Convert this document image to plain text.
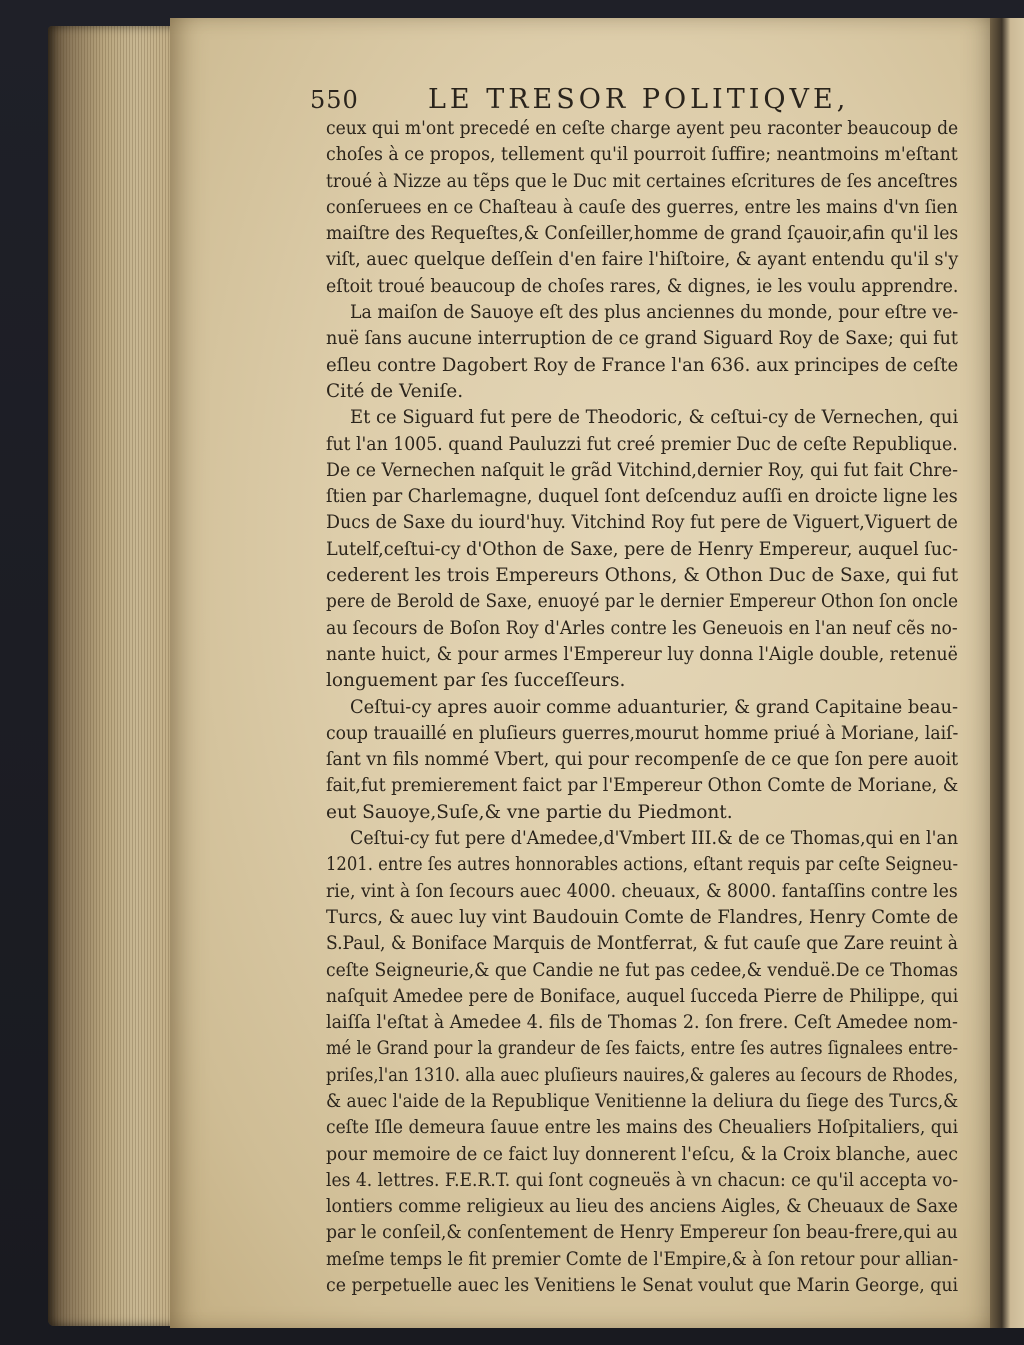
550	LE TRESOR POLITIQVE,
ceux qui m'ont precedé en ceſte charge ayent peu raconter beaucoup de
choſes à ce propos, tellement qu'il pourroit ſuffire; neantmoins m'eſtant
troué à Nizze au tẽps que le Duc mit certaines eſcritures de ſes anceſtres
conſeruees en ce Chaſteau à cauſe des guerres, entre les mains d'vn ſien
maiſtre des Requeſtes,& Conſeiller,homme de grand ſçauoir,afin qu'il les
viſt, auec quelque deſſein d'en faire l'hiſtoire, & ayant entendu qu'il s'y
eſtoit troué beaucoup de choſes rares, & dignes, ie les voulu apprendre.
La maiſon de Sauoye eſt des plus anciennes du monde, pour eſtre ve-
nuë ſans aucune interruption de ce grand Siguard Roy de Saxe; qui fut
eſleu contre Dagobert Roy de France l'an 636. aux principes de ceſte
Cité de Veniſe.
Et ce Siguard fut pere de Theodoric, & ceſtui-cy de Vernechen, qui
fut l'an 1005. quand Pauluzzi fut creé premier Duc de ceſte Republique.
De ce Vernechen naſquit le grãd Vitchind,dernier Roy, qui fut fait Chre-
ſtien par Charlemagne, duquel ſont deſcenduz auſſi en droicte ligne les
Ducs de Saxe du iourd'huy. Vitchind Roy fut pere de Viguert,Viguert de
Lutelf,ceſtui-cy d'Othon de Saxe, pere de Henry Empereur, auquel ſuc-
cederent les trois Empereurs Othons, & Othon Duc de Saxe, qui fut
pere de Berold de Saxe, enuoyé par le dernier Empereur Othon ſon oncle
au ſecours de Boſon Roy d'Arles contre les Geneuois en l'an neuf cẽs no-
nante huict, & pour armes l'Empereur luy donna l'Aigle double, retenuë
longuement par ſes ſucceſſeurs.
Ceſtui-cy apres auoir comme aduanturier, & grand Capitaine beau-
coup trauaillé en pluſieurs guerres,mourut homme priué à Moriane, laiſ-
ſant vn fils nommé Vbert, qui pour recompenſe de ce que ſon pere auoit
fait,fut premierement faict par l'Empereur Othon Comte de Moriane, &
eut Sauoye,Suſe,& vne partie du Piedmont.
Ceſtui-cy fut pere d'Amedee,d'Vmbert III.& de ce Thomas,qui en l'an
1201. entre ſes autres honnorables actions, eſtant requis par ceſte Seigneu-
rie, vint à ſon ſecours auec 4000. cheuaux, & 8000. fantaſſins contre les
Turcs, & auec luy vint Baudouin Comte de Flandres, Henry Comte de
S.Paul, & Boniface Marquis de Montferrat, & fut cauſe que Zare reuint à
ceſte Seigneurie,& que Candie ne fut pas cedee,& venduë.De ce Thomas
naſquit Amedee pere de Boniface, auquel ſucceda Pierre de Philippe, qui
laiſſa l'eſtat à Amedee 4. fils de Thomas 2. ſon frere. Ceſt Amedee nom-
mé le Grand pour la grandeur de ſes faicts, entre ſes autres ſignalees entre-
priſes,l'an 1310. alla auec pluſieurs nauires,& galeres au ſecours de Rhodes,
& auec l'aide de la Republique Venitienne la deliura du ſiege des Turcs,&
ceſte Iſle demeura ſauue entre les mains des Cheualiers Hoſpitaliers, qui
pour memoire de ce faict luy donnerent l'eſcu, & la Croix blanche, auec
les 4. lettres. F.E.R.T. qui ſont cogneuës à vn chacun: ce qu'il accepta vo-
lontiers comme religieux au lieu des anciens Aigles, & Cheuaux de Saxe
par le conſeil,& conſentement de Henry Empereur ſon beau-frere,qui au
meſme temps le fit premier Comte de l'Empire,& à ſon retour pour allian-
ce perpetuelle auec les Venitiens le Senat voulut que Marin George, qui
